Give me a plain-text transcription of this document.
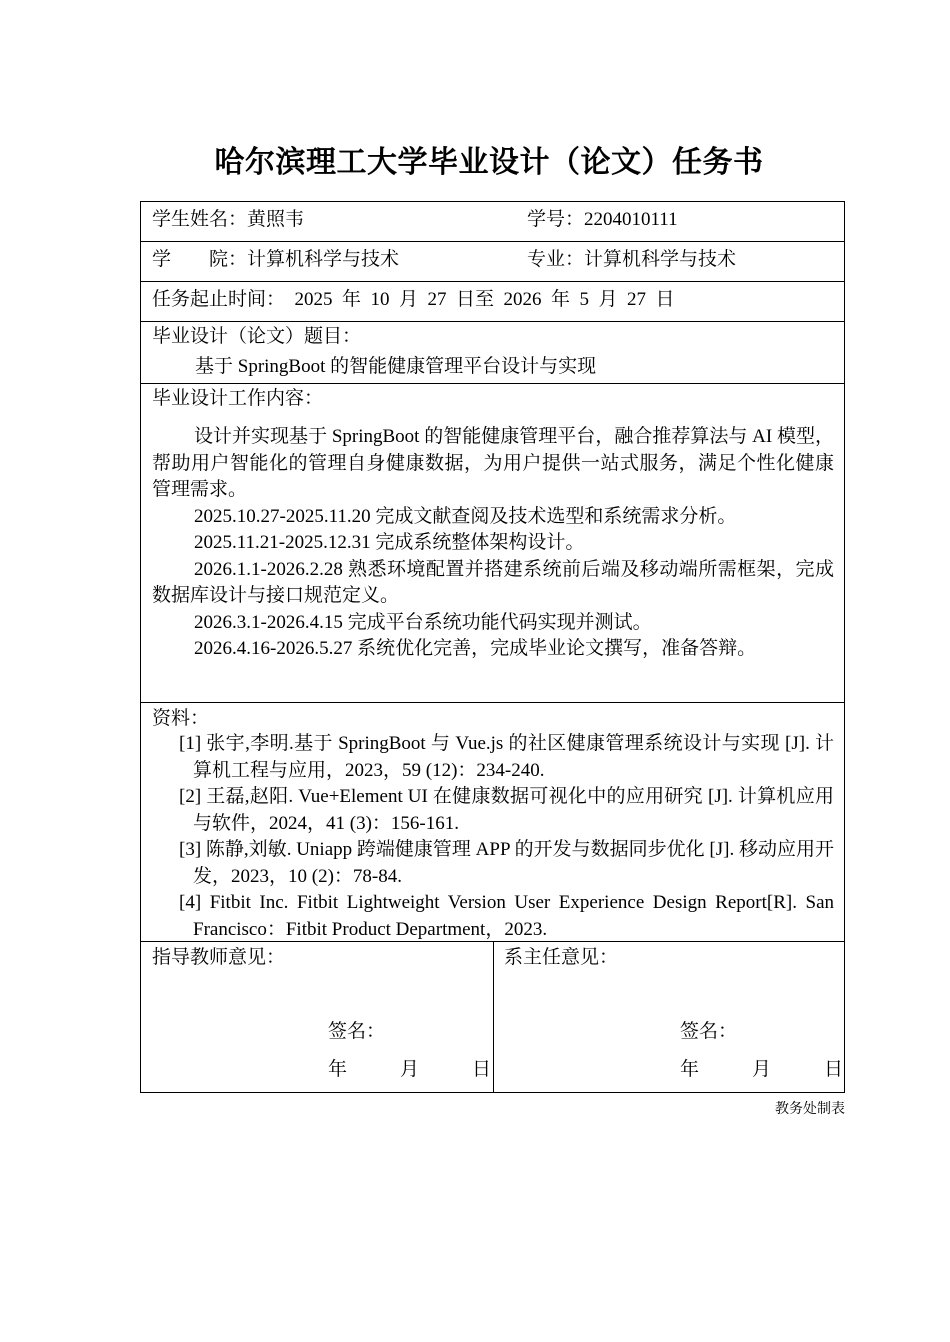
哈尔滨理工大学毕业设计（论文）任务书
学生姓名：黄照韦	学号：2204010111
学　　院：计算机科学与技术	专业：计算机科学与技术
任务起止时间：  2025  年  10  月  27  日至  2026  年  5  月  27  日
毕业设计（论文）题目：
基于 SpringBoot 的智能健康管理平台设计与实现
毕业设计工作内容：
设计并实现基于 SpringBoot 的智能健康管理平台，融合推荐算法与 AI 模型，帮助用户智能化的管理自身健康数据，为用户提供一站式服务，满足个性化健康管理需求。
2025.10.27-2025.11.20 完成文献查阅及技术选型和系统需求分析。
2025.11.21-2025.12.31 完成系统整体架构设计。
2026.1.1-2026.2.28 熟悉环境配置并搭建系统前后端及移动端所需框架，完成数据库设计与接口规范定义。
2026.3.1-2026.4.15 完成平台系统功能代码实现并测试。
2026.4.16-2026.5.27 系统优化完善，完成毕业论文撰写，准备答辩。
资料：
[1] 张宇,李明.基于 SpringBoot 与 Vue.js 的社区健康管理系统设计与实现 [J]. 计算机工程与应用，2023，59 (12)：234-240.
[2] 王磊,赵阳. Vue+Element UI 在健康数据可视化中的应用研究 [J]. 计算机应用与软件，2024，41 (3)：156-161.
[3] 陈静,刘敏. Uniapp 跨端健康管理 APP 的开发与数据同步优化 [J]. 移动应用开发，2023，10 (2)：78-84.
[4] Fitbit Inc. Fitbit Lightweight Version User Experience Design Report[R]. San Francisco：Fitbit Product Department，2023.
指导教师意见：
签名：
年　　月　　日
系主任意见：
签名：
年　　月　　日
教务处制表
